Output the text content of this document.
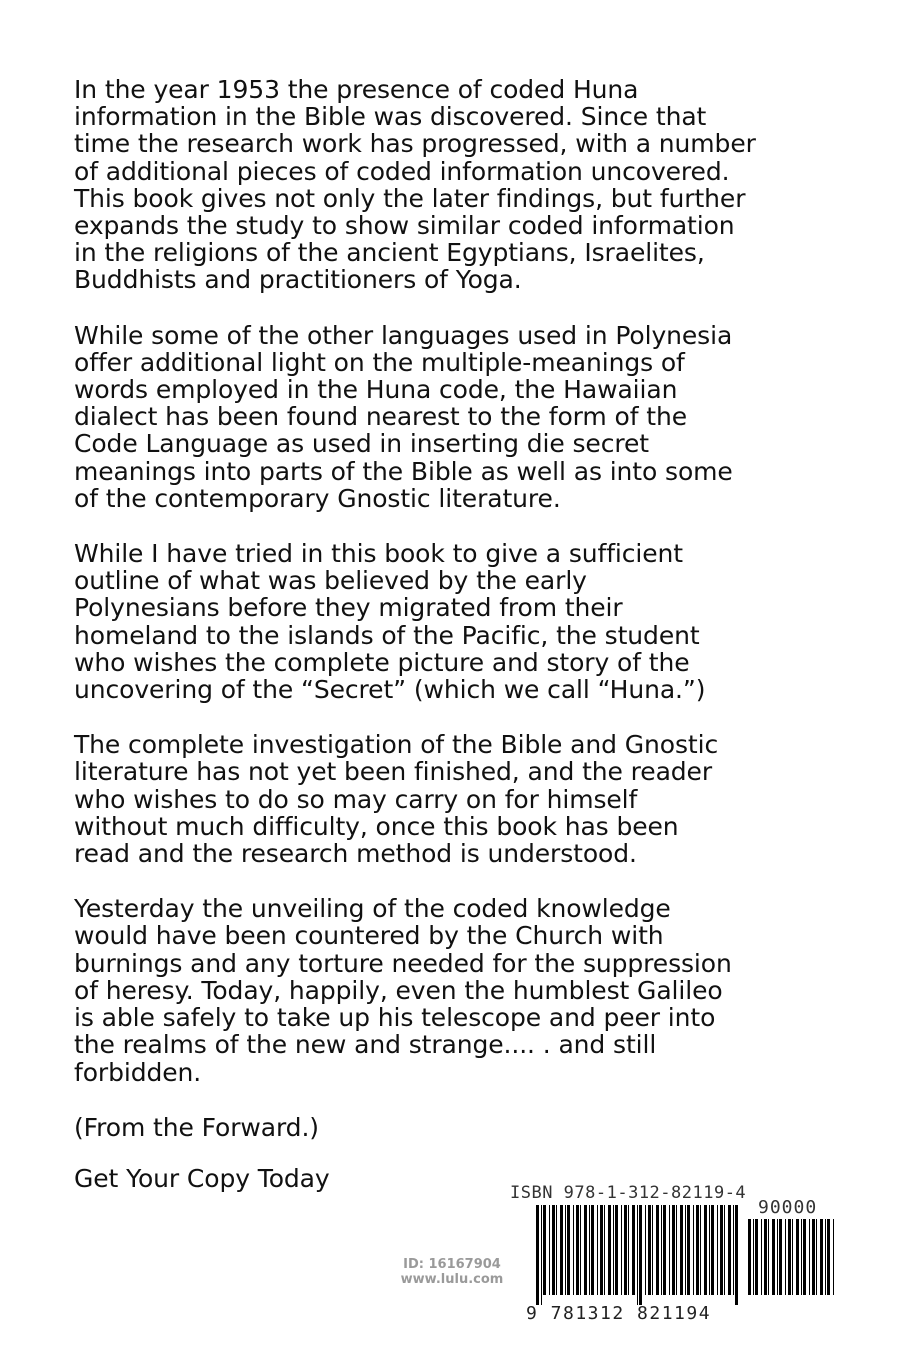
In the year 1953 the presence of coded Huna
information in the Bible was discovered. Since that
time the research work has progressed, with a number
of additional pieces of coded information uncovered.
This book gives not only the later findings, but further
expands the study to show similar coded information
in the religions of the ancient Egyptians, Israelites,
Buddhists and practitioners of Yoga.

While some of the other languages used in Polynesia
offer additional light on the multiple-meanings of
words employed in the Huna code, the Hawaiian
dialect has been found nearest to the form of the
Code Language as used in inserting die secret
meanings into parts of the Bible as well as into some
of the contemporary Gnostic literature.

While I have tried in this book to give a sufficient
outline of what was believed by the early
Polynesians before they migrated from their
homeland to the islands of the Pacific, the student
who wishes the complete picture and story of the
uncovering of the “Secret” (which we call “Huna.”)

The complete investigation of the Bible and Gnostic
literature has not yet been finished, and the reader
who wishes to do so may carry on for himself
without much difficulty, once this book has been
read and the research method is understood.

Yesterday the unveiling of the coded knowledge
would have been countered by the Church with
burnings and any torture needed for the suppression
of heresy. Today, happily, even the humblest Galileo
is able safely to take up his telescope and peer into
the realms of the new and strange.... . and still
forbidden.

(From the Forward.)

Get Your Copy Today

ID: 16167904
www.lulu.com
ISBN 978-1-312-82119-4
90000
9 781312 821194
